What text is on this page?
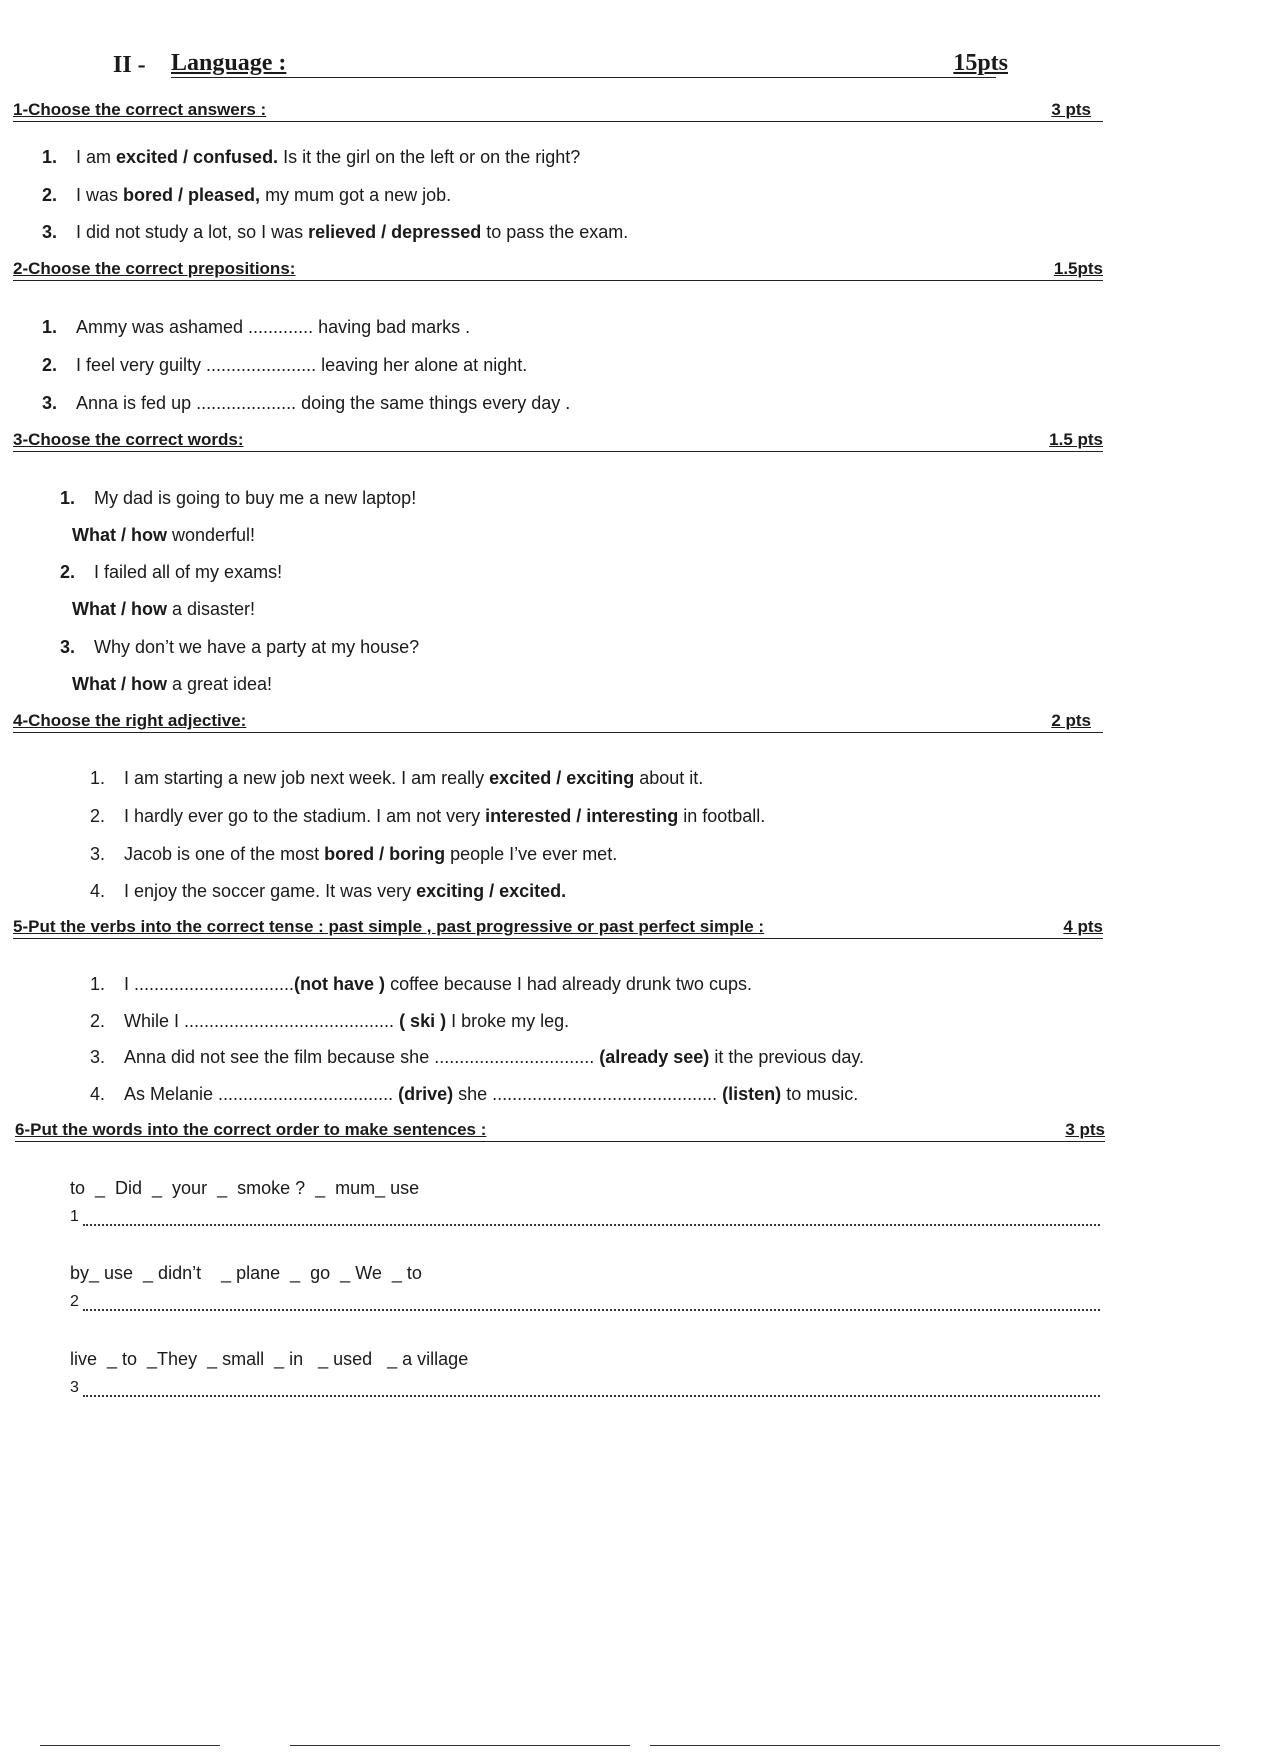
II - Language :	15pts
1-Choose the correct answers :	3 pts
1. I am excited / confused. Is it the girl on the left or on the right?
2. I was bored / pleased, my mum got a new job.
3. I did not study a lot, so I was relieved / depressed to pass the exam.
2-Choose the correct prepositions:	1.5pts
1. Ammy was ashamed ............. having bad marks .
2. I feel very guilty ...................... leaving her alone at night.
3. Anna is fed up .................... doing the same things every day .
3-Choose the correct words:	1.5 pts
1. My dad is going to buy me a new laptop!
What / how wonderful!
2. I failed all of my exams!
What / how a disaster!
3. Why don’t we have a party at my house?
What / how a great idea!
4-Choose the right adjective:	2 pts
1. I am starting a new job next week. I am really excited / exciting about it.
2. I hardly ever go to the stadium. I am not very interested / interesting in football.
3. Jacob is one of the most bored / boring people I’ve ever met.
4. I enjoy the soccer game. It was very exciting / excited.
5-Put the verbs into the correct tense : past simple , past progressive or past perfect simple :	4 pts
1. I ................................(not have ) coffee because I had already drunk two cups.
2. While I .......................................... ( ski ) I broke my leg.
3. Anna did not see the film because she ................................ (already see) it the previous day.
4. As Melanie ................................... (drive) she ............................................. (listen) to music.
6-Put the words into the correct order to make sentences :	3 pts
to  _  Did  _  your  _  smoke ?  _  mum_ use
1
by_ use  _ didn’t    _ plane  _  go  _ We  _ to
2
live  _ to  _They  _ small  _ in   _ used   _ a village
3
